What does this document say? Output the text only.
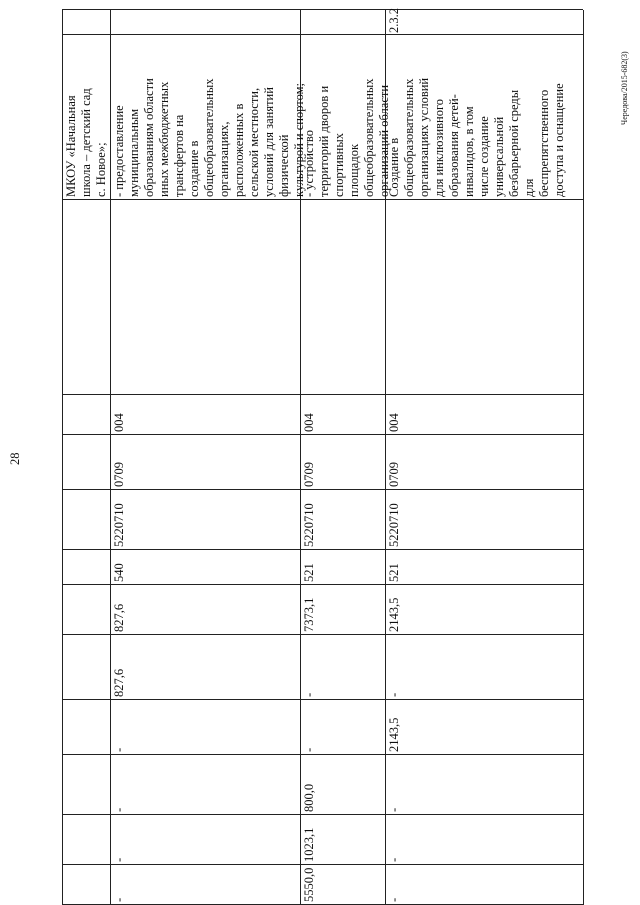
28
Чередова/2015-682(3)
МКОУ «Начальная школа – детский сад с. Новое»; - предоставление муниципальным образованиям области иных межбюджетных трансфертов на создание в общеобразовательных организациях, расположенных в сельской местности, условий для занятий физической культурой и спортом;
004
0709
5220710
540
827,6
827,6
-
-
-
-
- устройство территорий дворов и спортивных площадок общеобразовательных организаций области
004
0709
5220710
521
7373,1
-
-
800,0
1023,1
5550,0
Создание в общеобразовательных организациях условий для инклюзивного образования детей- инвалидов, в том числе создание универсальной безбарьерной среды для беспрепятственного доступа и оснащение
2.3.2
004
0709
5220710
521
2143,5
-
2143,5
-
-
-
